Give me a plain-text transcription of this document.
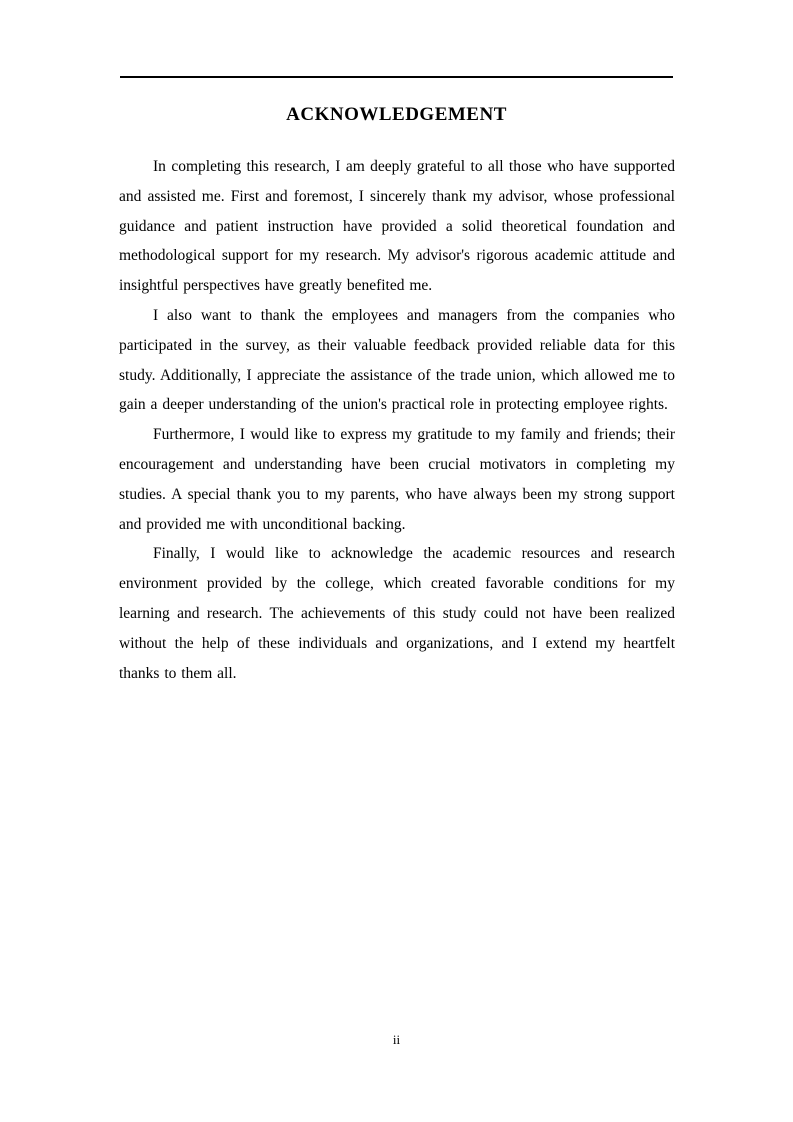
ACKNOWLEDGEMENT

In completing this research, I am deeply grateful to all those who have supported and assisted me. First and foremost, I sincerely thank my advisor, whose professional guidance and patient instruction have provided a solid theoretical foundation and methodological support for my research. My advisor's rigorous academic attitude and insightful perspectives have greatly benefited me.

I also want to thank the employees and managers from the companies who participated in the survey, as their valuable feedback provided reliable data for this study. Additionally, I appreciate the assistance of the trade union, which allowed me to gain a deeper understanding of the union's practical role in protecting employee rights.

Furthermore, I would like to express my gratitude to my family and friends; their encouragement and understanding have been crucial motivators in completing my studies. A special thank you to my parents, who have always been my strong support and provided me with unconditional backing.

Finally, I would like to acknowledge the academic resources and research environment provided by the college, which created favorable conditions for my learning and research. The achievements of this study could not have been realized without the help of these individuals and organizations, and I extend my heartfelt thanks to them all.

ii
